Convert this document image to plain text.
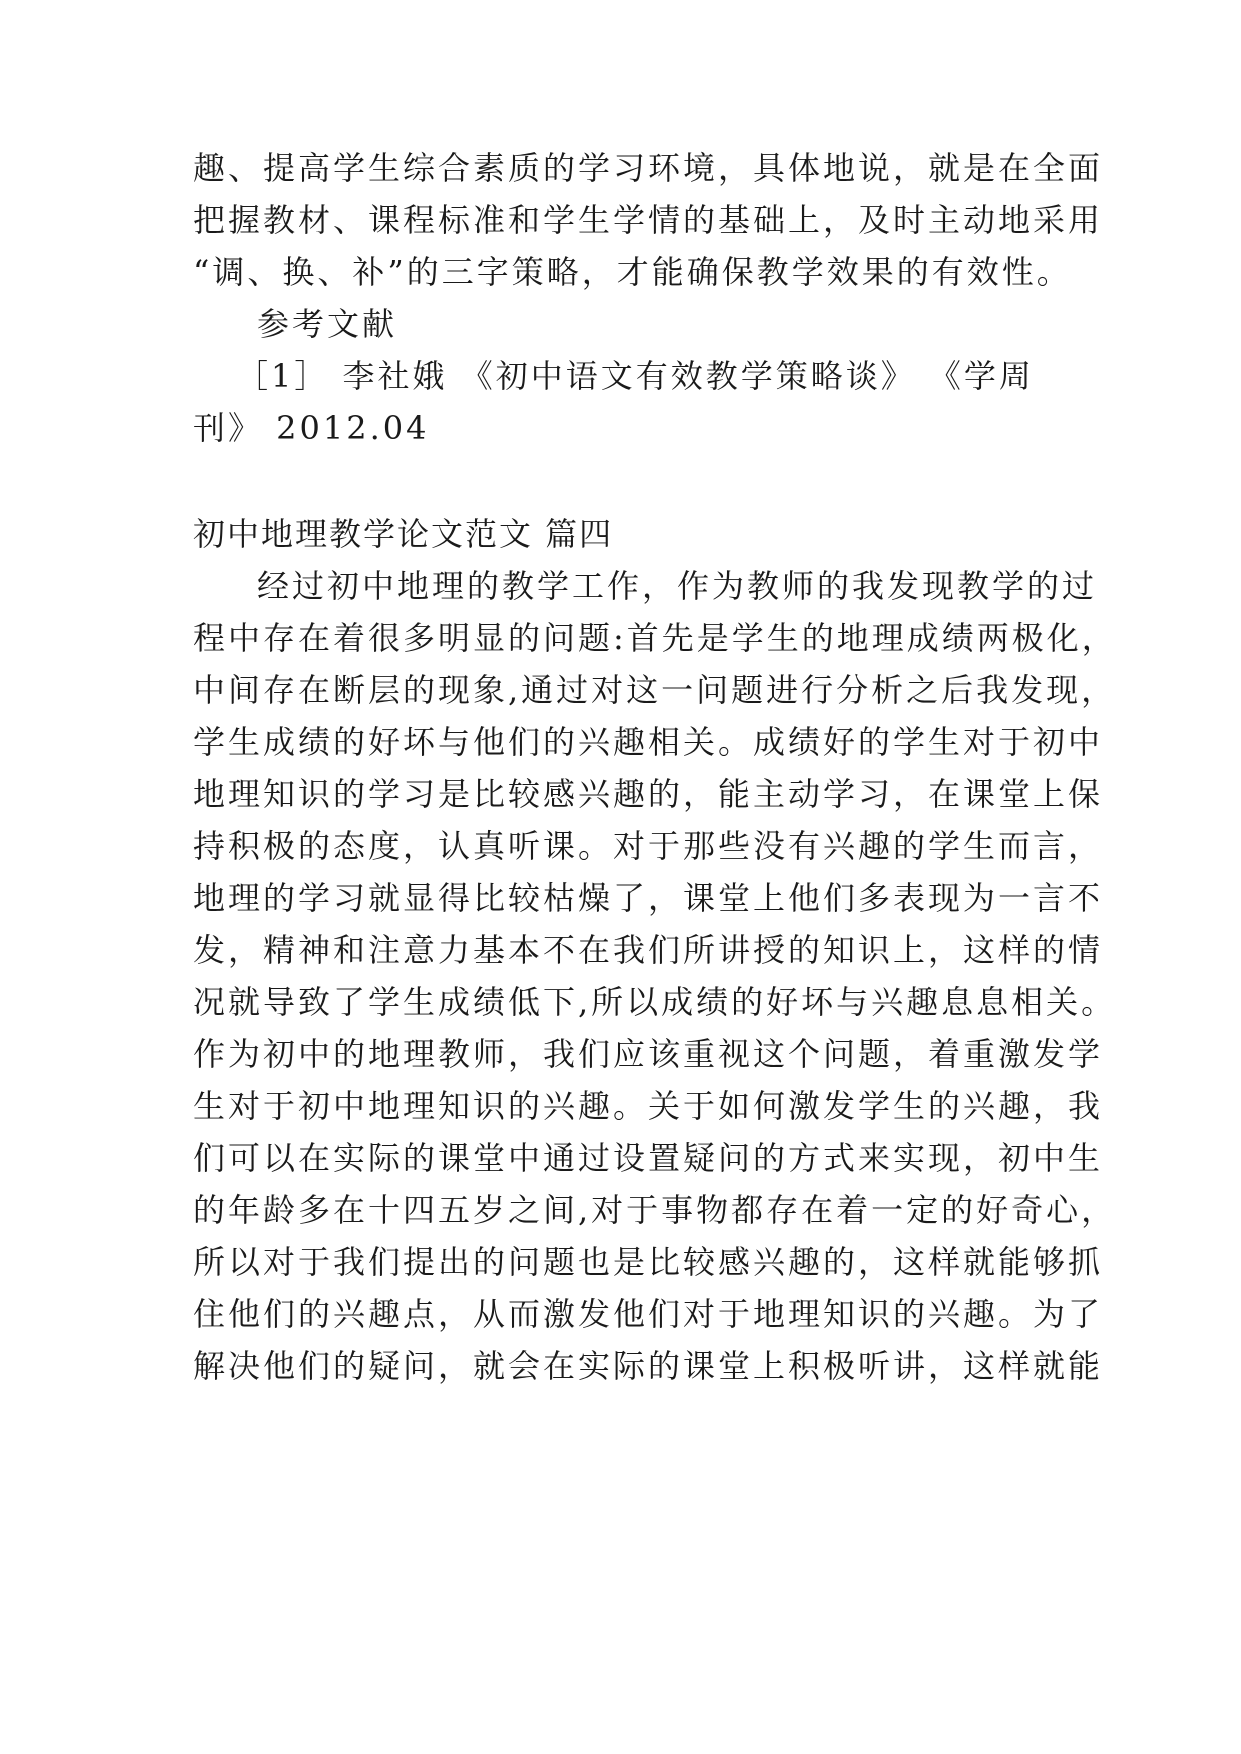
趣、提高学生综合素质的学习环境，具体地说，就是在全面
把握教材、课程标准和学生学情的基础上，及时主动地采用
“调、换、补”的三字策略，才能确保教学效果的有效性。
参考文献
［1］ 李社娥 《初中语文有效教学策略谈》 《学周
刊》 2012.04
初中地理教学论文范文 篇四
经过初中地理的教学工作，作为教师的我发现教学的过
程中存在着很多明显的问题:首先是学生的地理成绩两极化，
中间存在断层的现象,通过对这一问题进行分析之后我发现，
学生成绩的好坏与他们的兴趣相关。成绩好的学生对于初中
地理知识的学习是比较感兴趣的，能主动学习，在课堂上保
持积极的态度，认真听课。对于那些没有兴趣的学生而言，
地理的学习就显得比较枯燥了，课堂上他们多表现为一言不
发，精神和注意力基本不在我们所讲授的知识上，这样的情
况就导致了学生成绩低下,所以成绩的好坏与兴趣息息相关。
作为初中的地理教师，我们应该重视这个问题，着重激发学
生对于初中地理知识的兴趣。关于如何激发学生的兴趣，我
们可以在实际的课堂中通过设置疑问的方式来实现，初中生
的年龄多在十四五岁之间,对于事物都存在着一定的好奇心，
所以对于我们提出的问题也是比较感兴趣的，这样就能够抓
住他们的兴趣点，从而激发他们对于地理知识的兴趣。为了
解决他们的疑问，就会在实际的课堂上积极听讲，这样就能
